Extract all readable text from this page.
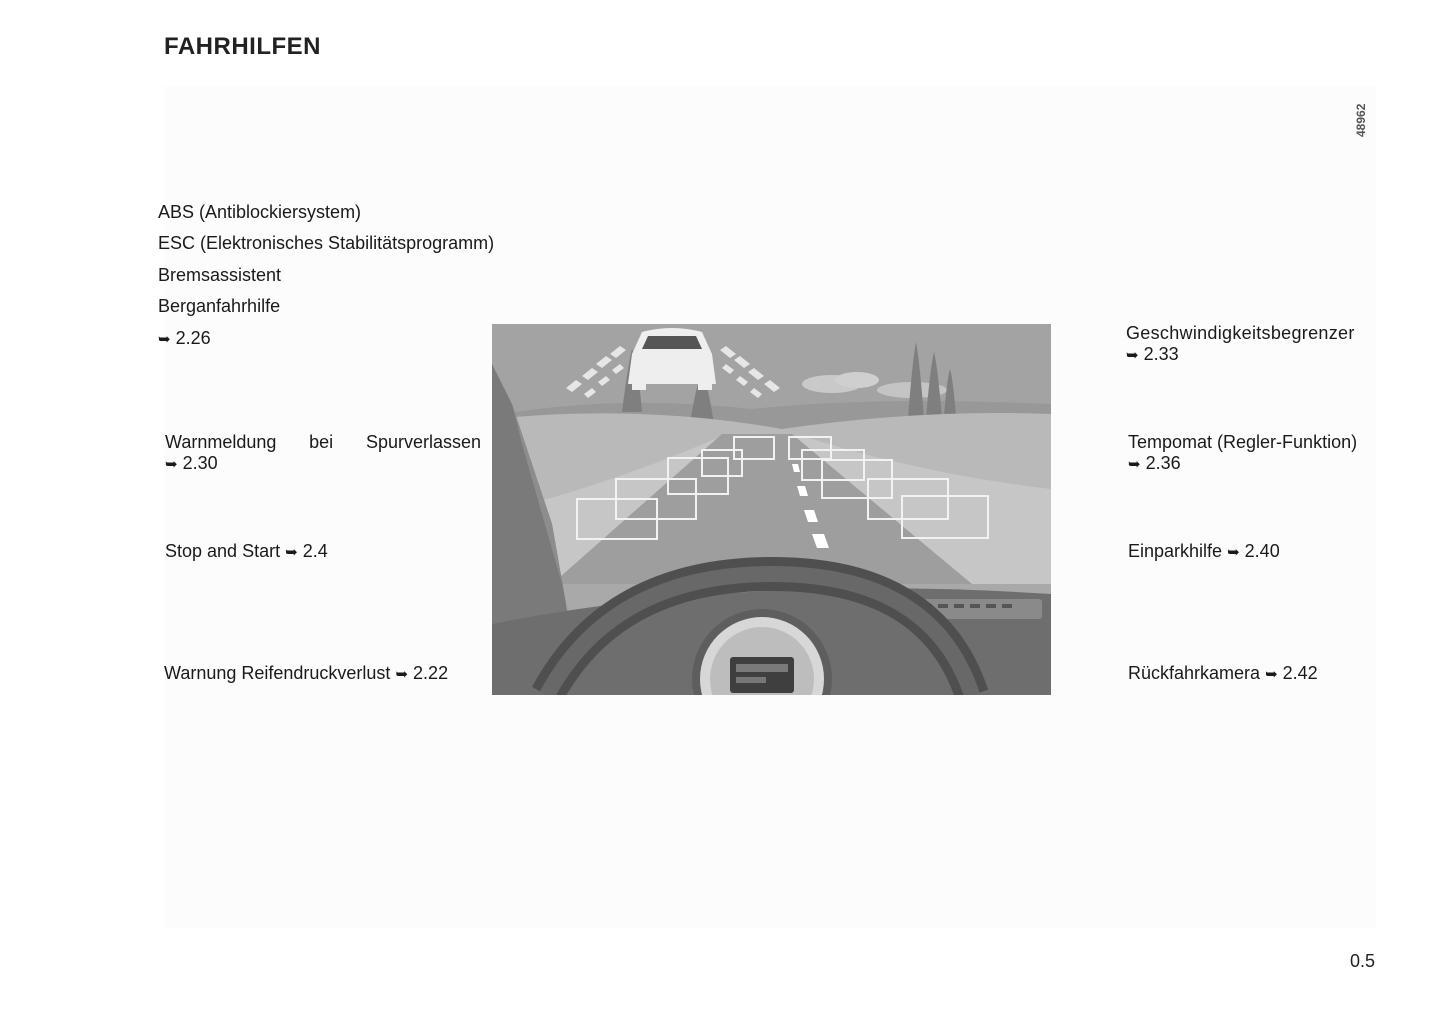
FAHRHILFEN
48962
ABS (Antiblockiersystem)
ESC (Elektronisches Stabilitätsprogramm)
Bremsassistent
Berganfahrhilfe
➥ 2.26
Warnmeldung bei Spurverlassen
➥ 2.30
Stop and Start ➥ 2.4
Warnung Reifendruckverlust ➥ 2.22
Geschwindigkeitsbegrenzer
➥ 2.33
Tempomat (Regler-Funktion)
➥ 2.36
Einparkhilfe ➥ 2.40
Rückfahrkamera ➥ 2.42
0.5
